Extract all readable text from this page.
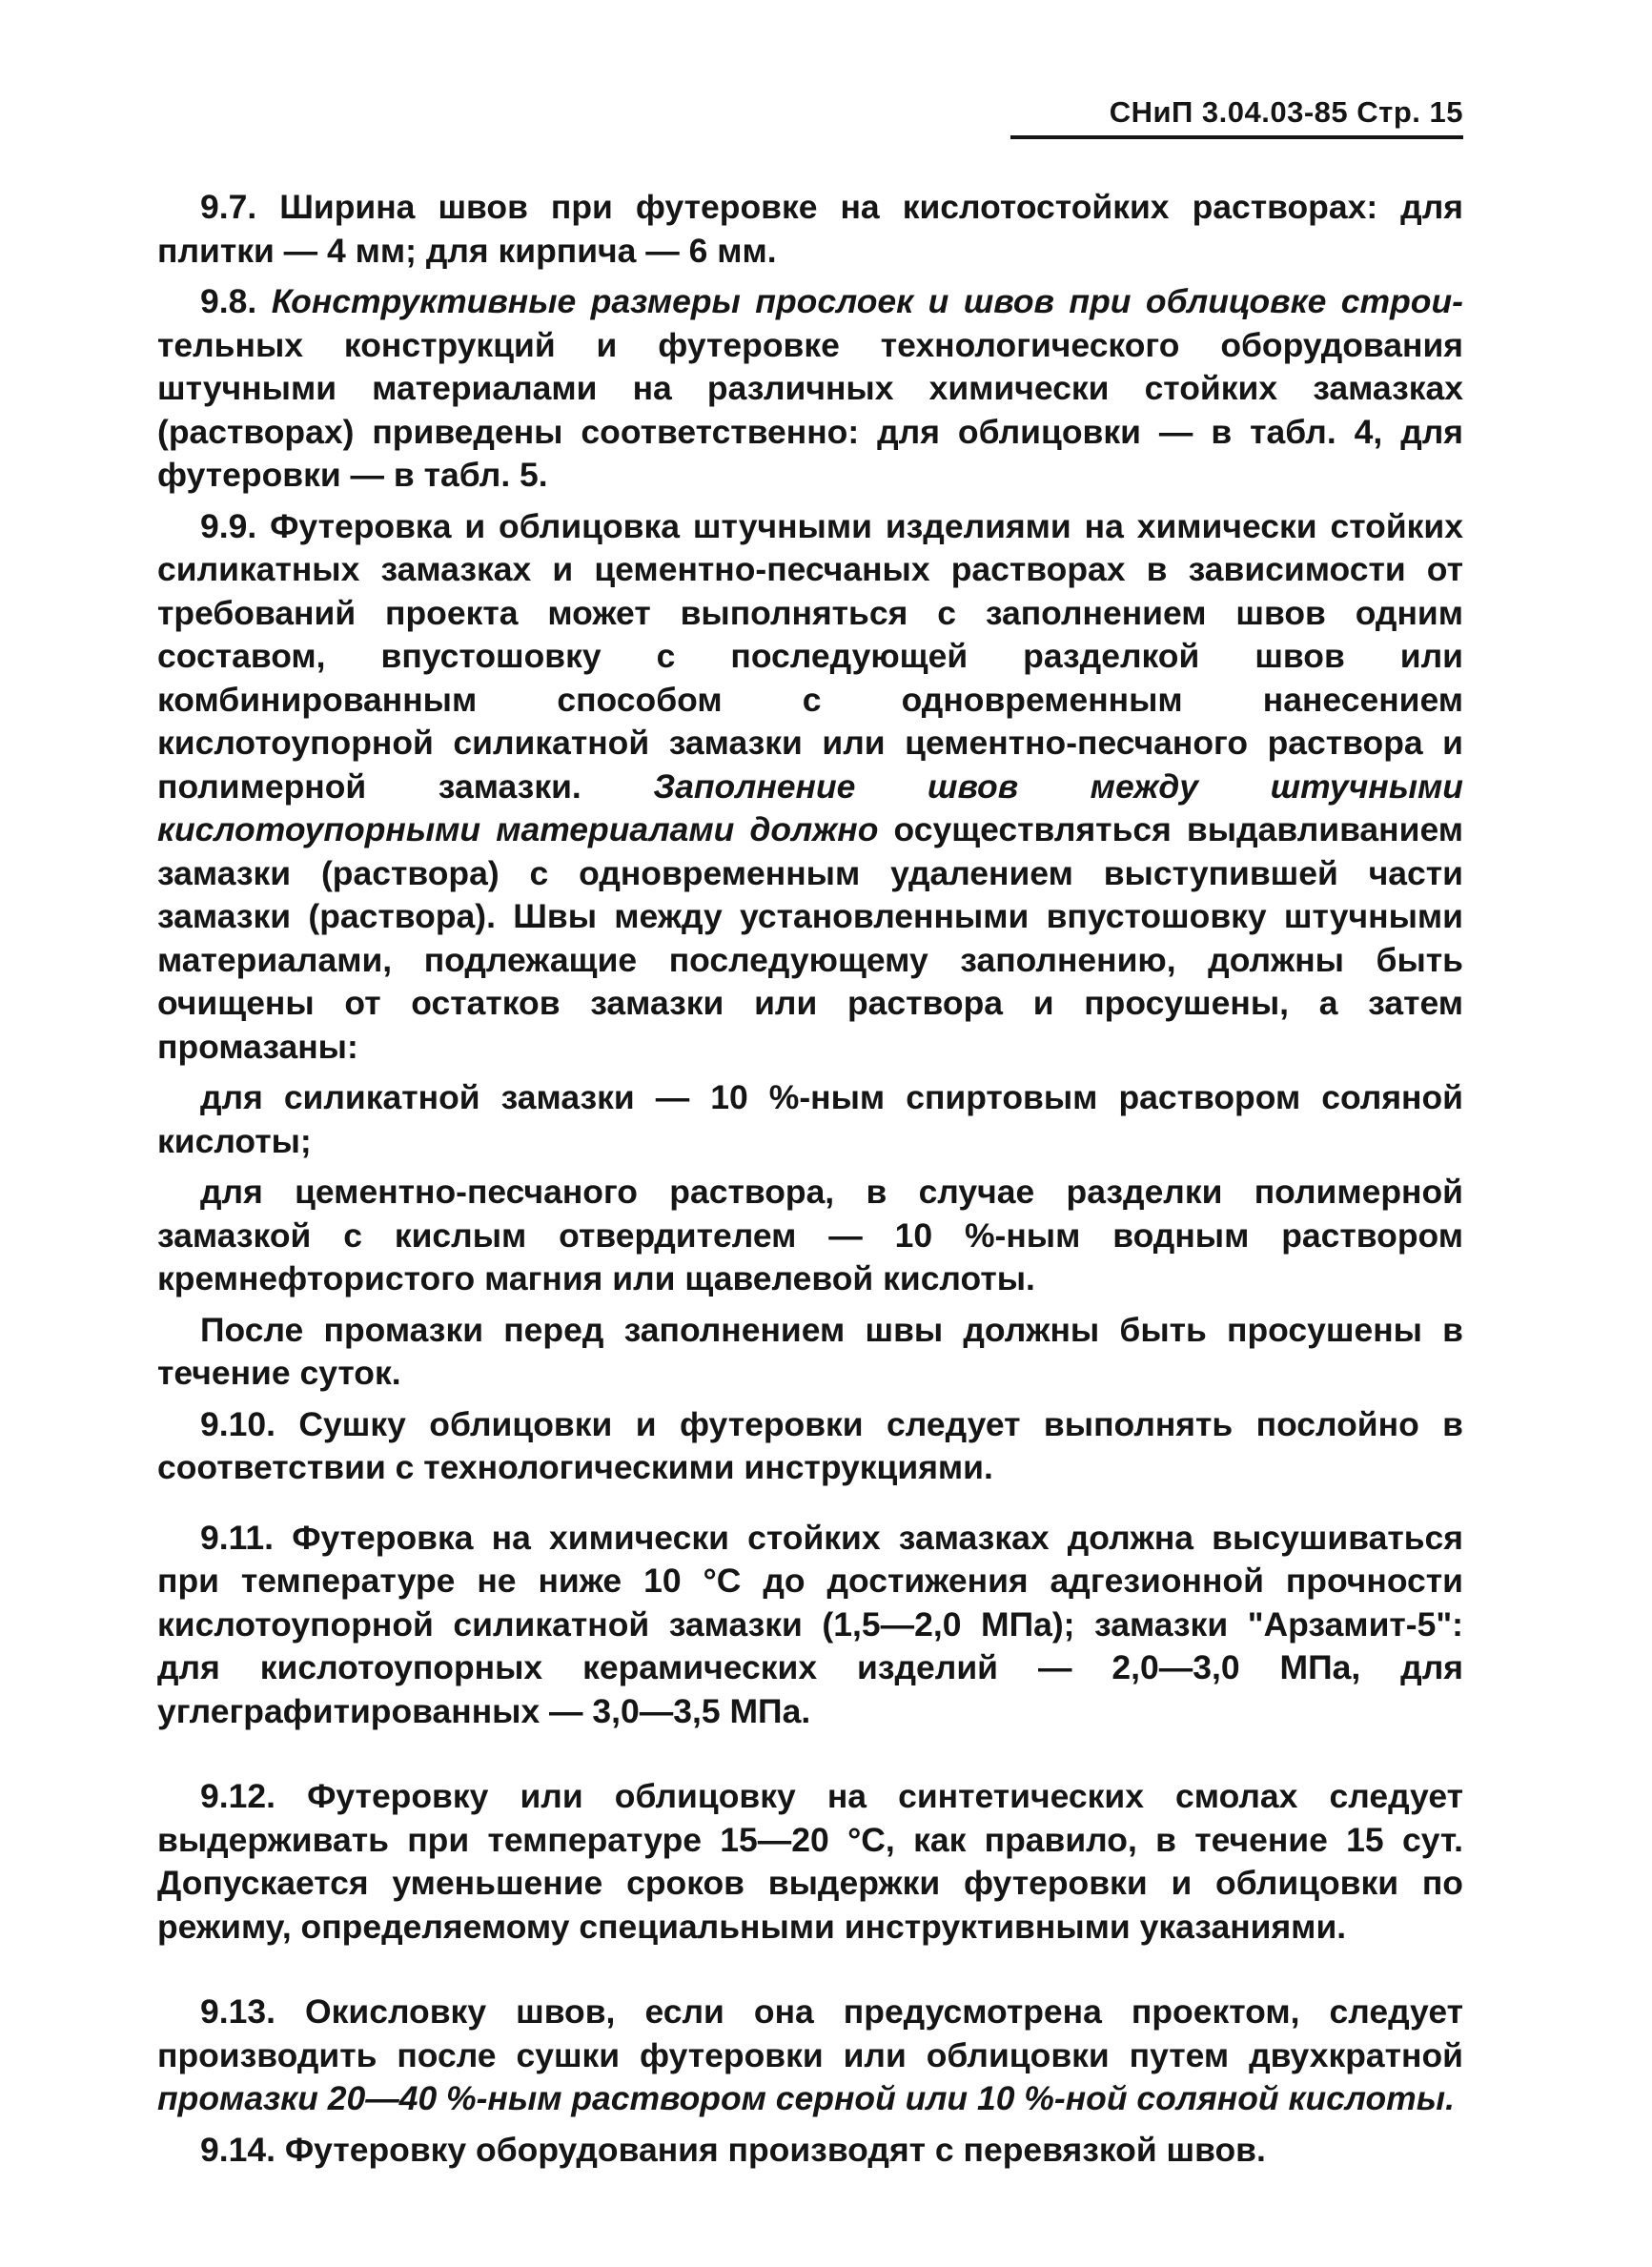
СНиП 3.04.03-85 Стр. 15

9.7. Ширина швов при футеровке на кислотостойких растворах: для плитки — 4 мм; для кирпича — 6 мм.

9.8. Конструктивные размеры прослоек и швов при облицовке строи- тельных конструкций и футеровке технологического оборудования штучными материалами на различных химически стойких замазках (растворах) приведены соответственно: для облицовки — в табл. 4, для футеровки — в табл. 5.

9.9. Футеровка и облицовка штучными изделиями на химически стойких силикатных замазках и цементно-песчаных растворах в зависимости от требований проекта может выполняться с заполнением швов одним составом, впустошовку с последующей разделкой швов или комбинированным способом с одновременным нанесением кислотоупорной силикатной замазки или цементно-песчаного раствора и полимерной замазки. Заполнение швов между штучными кислотоупорными материалами должно осуществляться выдавливанием замазки (раствора) с одновременным удалением выступившей части замазки (раствора). Швы между установленными впустошовку штучными материалами, подлежащие последующему заполнению, должны быть очищены от остатков замазки или раствора и просушены, а затем промазаны:

для силикатной замазки — 10 %-ным спиртовым раствором соляной кислоты;

для цементно-песчаного раствора, в случае разделки полимерной замазкой с кислым отвердителем — 10 %-ным водным раствором кремнефтористого магния или щавелевой кислоты.

После промазки перед заполнением швы должны быть просушены в течение суток.

9.10. Сушку облицовки и футеровки следует выполнять послойно в соответствии с технологическими инструкциями.

9.11. Футеровка на химически стойких замазках должна высушиваться при температуре не ниже 10 °С до достижения адгезионной прочности кислотоупорной силикатной замазки (1,5—2,0 МПа); замазки "Арзамит-5": для кислотоупорных керамических изделий — 2,0—3,0 МПа, для углеграфитированных — 3,0—3,5 МПа.

9.12. Футеровку или облицовку на синтетических смолах следует выдерживать при температуре 15—20 °С, как правило, в течение 15 сут. Допускается уменьшение сроков выдержки футеровки и облицовки по режиму, определяемому специальными инструктивными указаниями.

9.13. Окисловку швов, если она предусмотрена проектом, следует производить после сушки футеровки или облицовки путем двухкратной промазки 20—40 %-ным раствором серной или 10 %-ной соляной кислоты.

9.14. Футеровку оборудования производят с перевязкой швов.
